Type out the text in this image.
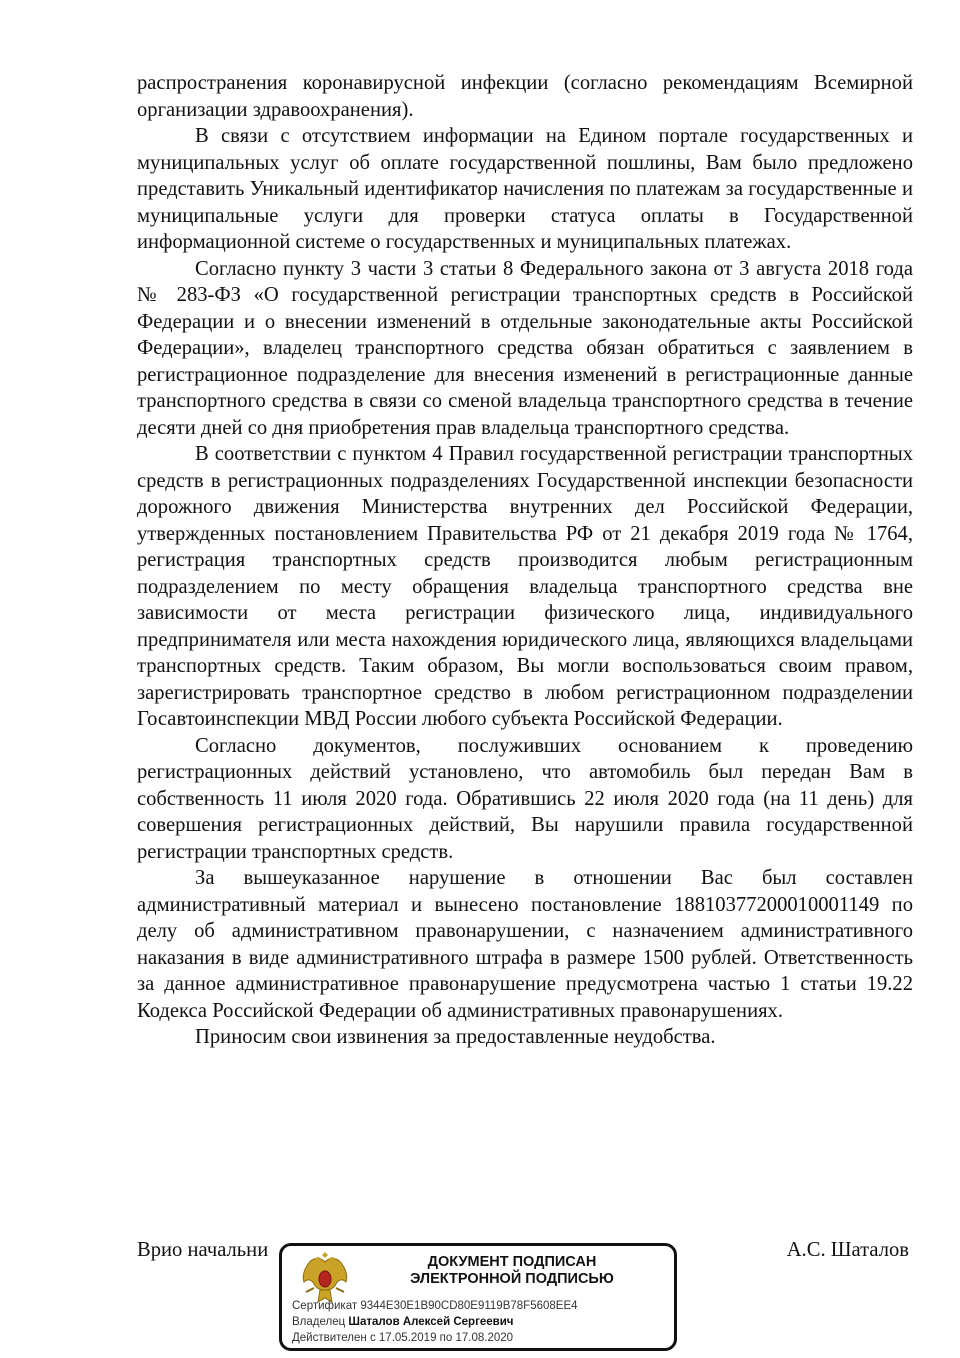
распространения коронавирусной инфекции (согласно рекомендациям Всемирной организации здравоохранения).

В связи с отсутствием информации на Едином портале государственных и муниципальных услуг об оплате государственной пошлины, Вам было предложено представить Уникальный идентификатор начисления по платежам за государственные и муниципальные услуги для проверки статуса оплаты в Государственной информационной системе о государственных и муниципальных платежах.

Согласно пункту 3 части 3 статьи 8 Федерального закона от 3 августа 2018 года № 283-ФЗ «О государственной регистрации транспортных средств в Российской Федерации и о внесении изменений в отдельные законодательные акты Российской Федерации», владелец транспортного средства обязан обратиться с заявлением в регистрационное подразделение для внесения изменений в регистрационные данные транспортного средства в связи со сменой владельца транспортного средства в течение десяти дней со дня приобретения прав владельца транспортного средства.

В соответствии с пунктом 4 Правил государственной регистрации транспортных средств в регистрационных подразделениях Государственной инспекции безопасности дорожного движения Министерства внутренних дел Российской Федерации, утвержденных постановлением Правительства РФ от 21 декабря 2019 года № 1764, регистрация транспортных средств производится любым регистрационным подразделением по месту обращения владельца транспортного средства вне зависимости от места регистрации физического лица, индивидуального предпринимателя или места нахождения юридического лица, являющихся владельцами транспортных средств. Таким образом, Вы могли воспользоваться своим правом, зарегистрировать транспортное средство в любом регистрационном подразделении Госавтоинспекции МВД России любого субъекта Российской Федерации.

Согласно документов, послуживших основанием к проведению регистрационных действий установлено, что автомобиль был передан Вам в собственность 11 июля 2020 года. Обратившись 22 июля 2020 года (на 11 день) для совершения регистрационных действий, Вы нарушили правила государственной регистрации транспортных средств.

За вышеуказанное нарушение в отношении Вас был составлен административный материал и вынесено постановление 18810377200010001149 по делу об административном правонарушении, с назначением административного наказания в виде административного штрафа в размере 1500 рублей. Ответственность за данное административное правонарушение предусмотрена частью 1 статьи 19.22 Кодекса Российской Федерации об административных правонарушениях.

Приносим свои извинения за предоставленные неудобства.

Врио начальни	А.С. Шаталов
ДОКУМЕНТ ПОДПИСАН
ЭЛЕКТРОННОЙ ПОДПИСЬЮ
Сертификат 9344E30E1B90CD80E9119B78F5608EE4
Владелец Шаталов Алексей Сергеевич
Действителен с 17.05.2019 по 17.08.2020
